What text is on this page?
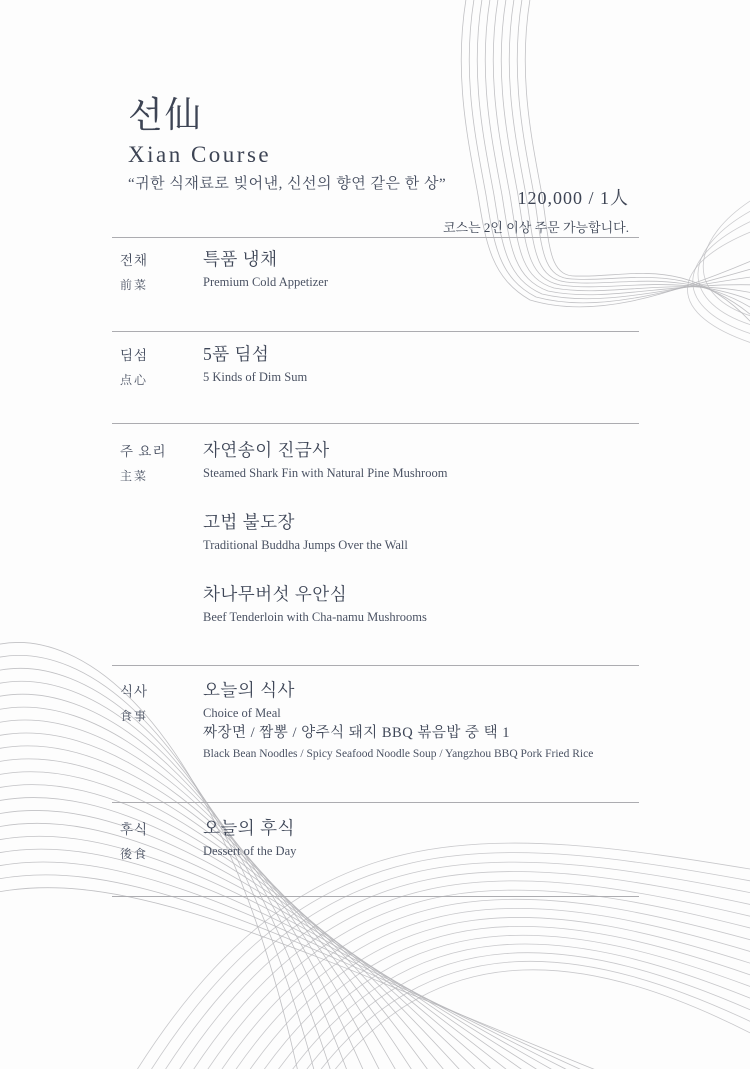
선仙
Xian Course
“귀한 식재료로 빚어낸, 신선의 향연 같은 한 상”
120,000 / 1人
코스는 2인 이상 주문 가능합니다.
전채
前菜
특품 냉채
Premium Cold Appetizer
딤섬
点心
5품 딤섬
5 Kinds of Dim Sum
주 요리
主菜
자연송이 진금사
Steamed Shark Fin with Natural Pine Mushroom
고법 불도장
Traditional Buddha Jumps Over the Wall
차나무버섯 우안심
Beef Tenderloin with Cha-namu Mushrooms
식사
食事
오늘의 식사
Choice of Meal
짜장면 / 짬뽕 / 양주식 돼지 BBQ 볶음밥 중 택 1
Black Bean Noodles / Spicy Seafood Noodle Soup / Yangzhou BBQ Pork Fried Rice
후식
後食
오늘의 후식
Dessert of the Day
